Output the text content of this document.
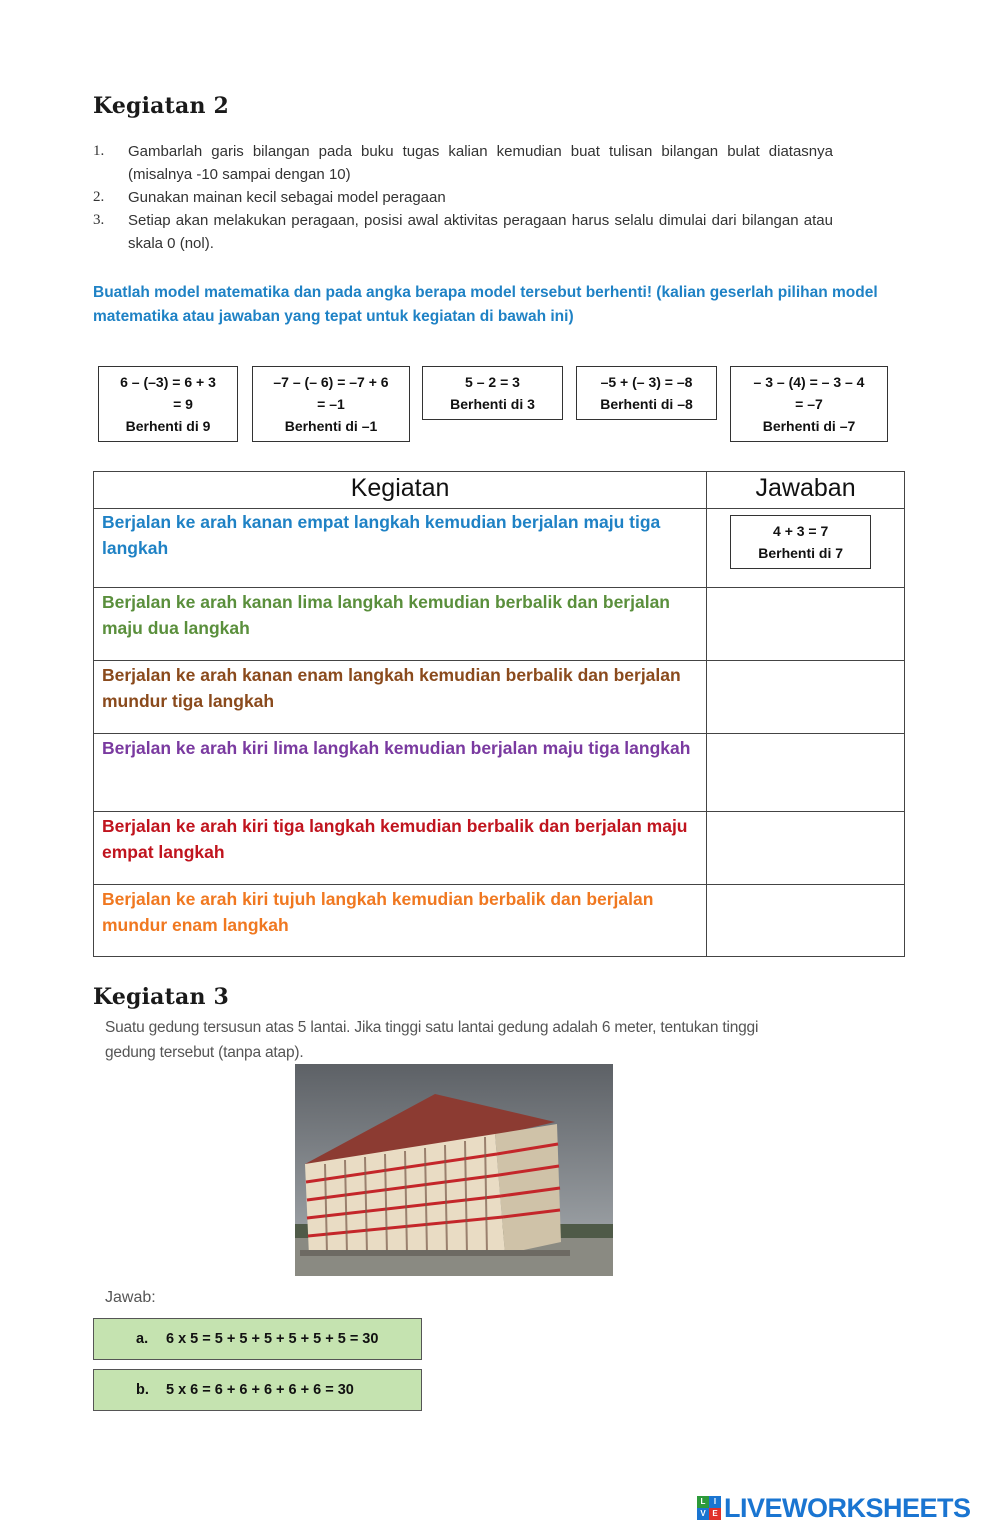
Kegiatan 2
1. Gambarlah garis bilangan pada buku tugas kalian kemudian buat tulisan bilangan bulat diatasnya (misalnya -10 sampai dengan 10)
2. Gunakan mainan kecil sebagai model peragaan
3. Setiap akan melakukan peragaan, posisi awal aktivitas peragaan harus selalu dimulai dari bilangan atau skala 0 (nol).
Buatlah model matematika dan pada angka berapa model tersebut berhenti! (kalian geserlah pilihan model matematika atau jawaban yang tepat untuk kegiatan di bawah ini)
6 – (–3) = 6 + 3
= 9
Berhenti di 9
–7 – (– 6) = –7 + 6
= –1
Berhenti di –1
5 – 2 = 3
Berhenti di 3
–5 + (– 3) = –8
Berhenti di –8
– 3 – (4) = – 3 – 4
= –7
Berhenti di –7
Kegiatan	Jawaban
Berjalan ke arah kanan empat langkah kemudian berjalan maju tiga langkah	4 + 3 = 7
Berhenti di 7

Berjalan ke arah kanan lima langkah kemudian berbalik dan berjalan maju dua langkah	
Berjalan ke arah kanan enam langkah kemudian berbalik dan berjalan mundur tiga langkah	
Berjalan ke arah kiri lima langkah kemudian berjalan maju tiga langkah	
Berjalan ke arah kiri tiga langkah kemudian berbalik dan berjalan maju empat langkah	
Berjalan ke arah kiri tujuh langkah kemudian berbalik dan berjalan mundur enam langkah	
Kegiatan 3
Suatu gedung tersusun atas 5 lantai. Jika tinggi satu lantai gedung adalah 6 meter, tentukan tinggi gedung tersebut (tanpa atap).
Jawab:
a. 6 x 5 = 5 + 5 + 5 + 5 + 5 + 5 = 30
b. 5 x 6 = 6 + 6 + 6 + 6 + 6 = 30
L	I
V E LIVEWORKSHEETS
